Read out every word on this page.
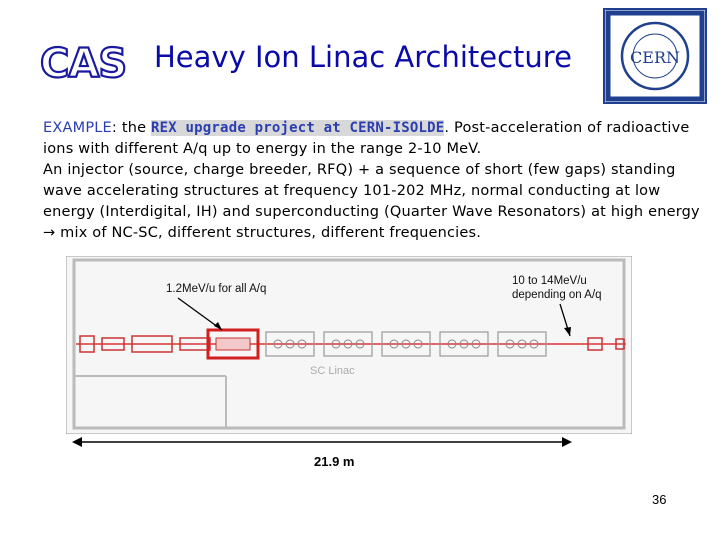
CAS Heavy Ion Linac Architecture	CERN

EXAMPLE: the REX upgrade project at CERN-ISOLDE. Post-acceleration of radioactive ions with different A/q up to energy in the range 2-10 MeV.

An injector (source, charge breeder, RFQ) + a sequence of short (few gaps) standing wave accelerating structures at frequency 101-202 MHz, normal conducting at low energy (Interdigital, IH) and superconducting (Quarter Wave Resonators) at high energy → mix of NC-SC, different structures, different frequencies.

SC Linac
1.2MeV/u for all A/q
10 to 14MeV/u
depending on A/q
21.9 m
36
